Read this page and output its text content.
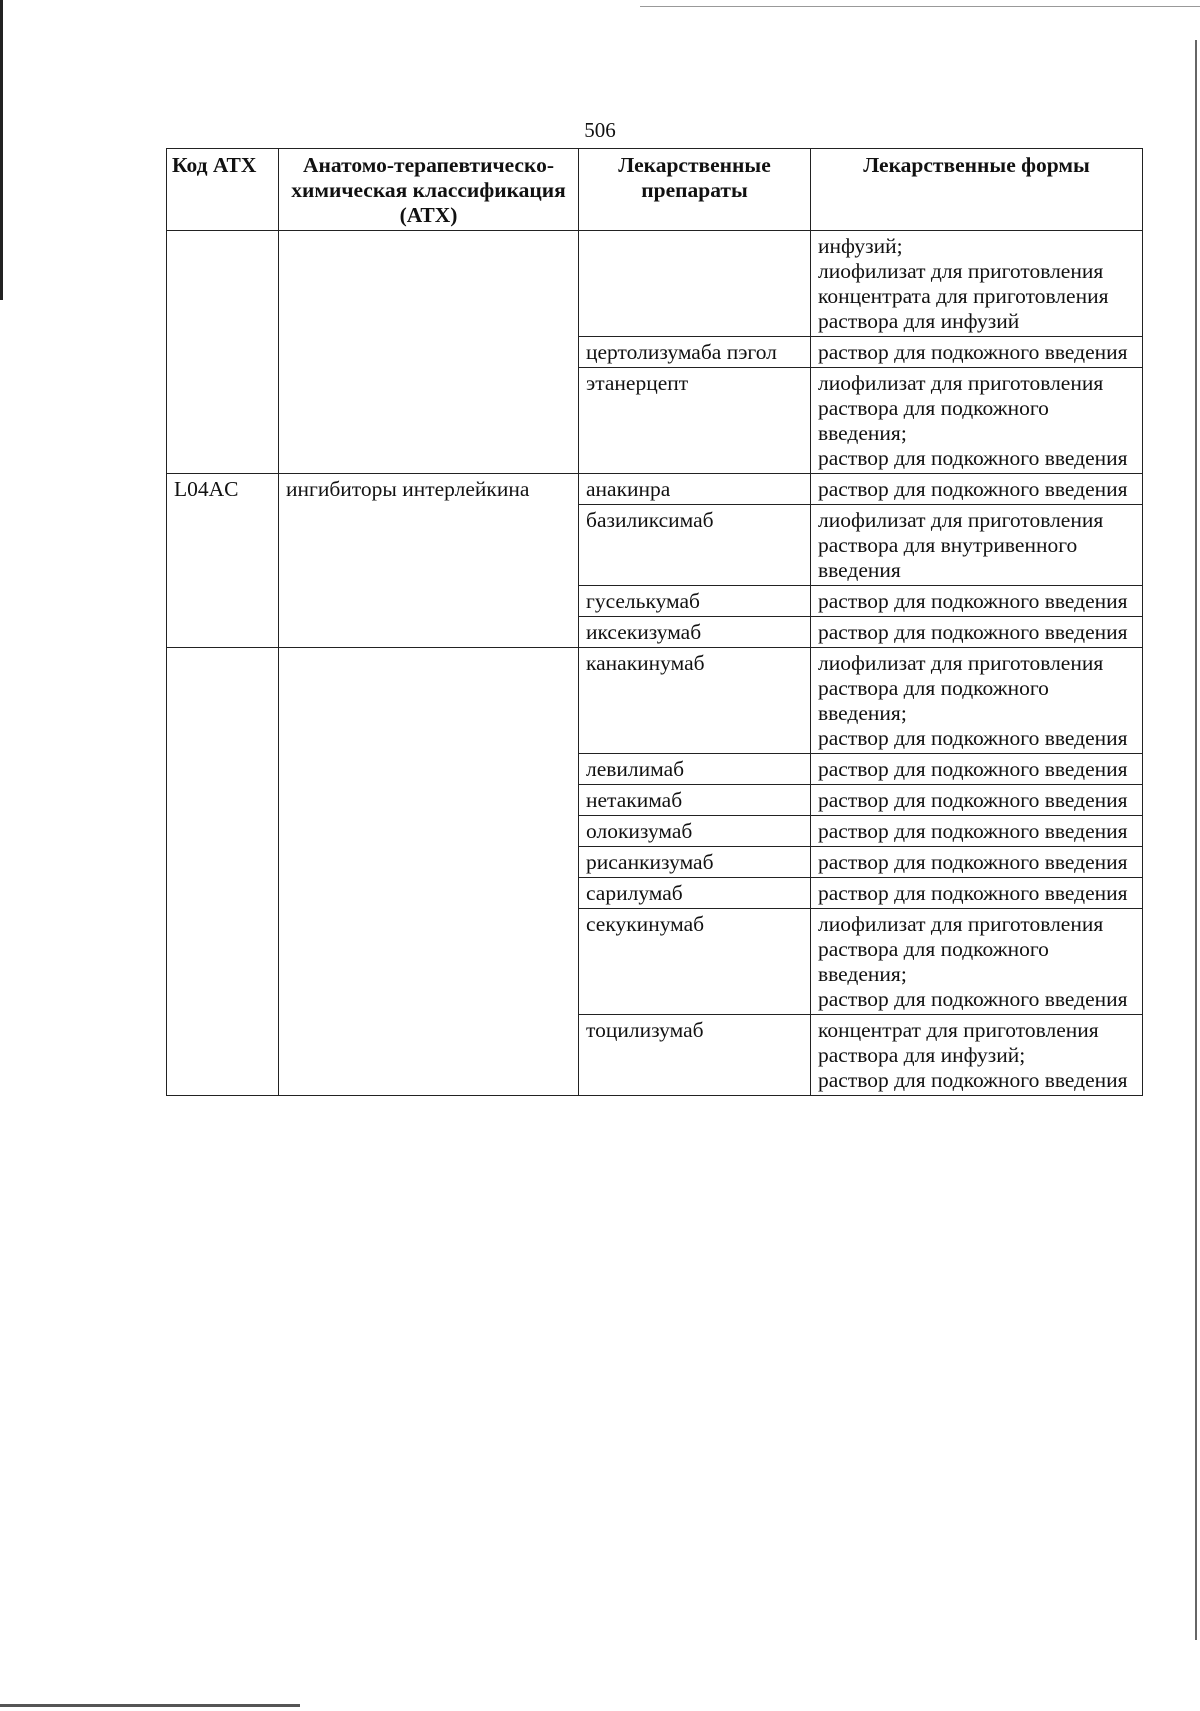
506
Код АТХ	Анатомо-терапевтическо-химическая классификация (АТХ)	Лекарственные препараты	Лекарственные формы
			инфузий;
лиофилизат для приготовления концентрата для приготовления раствора для инфузий
		цертолизумаба пэгол	раствор для подкожного введения
		этанерцепт	лиофилизат для приготовления раствора для подкожного введения;
раствор для подкожного введения
L04AC	ингибиторы интерлейкина	анакинра	раствор для подкожного введения
		базиликсимаб	лиофилизат для приготовления раствора для внутривенного введения
		гуселькумаб	раствор для подкожного введения
		иксекизумаб	раствор для подкожного введения
		канакинумаб	лиофилизат для приготовления раствора для подкожного введения;
раствор для подкожного введения
		левилимаб	раствор для подкожного введения
		нетакимаб	раствор для подкожного введения
		олокизумаб	раствор для подкожного введения
		рисанкизумаб	раствор для подкожного введения
		сарилумаб	раствор для подкожного введения
		секукинумаб	лиофилизат для приготовления раствора для подкожного введения;
раствор для подкожного введения
		тоцилизумаб	концентрат для приготовления раствора для инфузий;
раствор для подкожного введения
